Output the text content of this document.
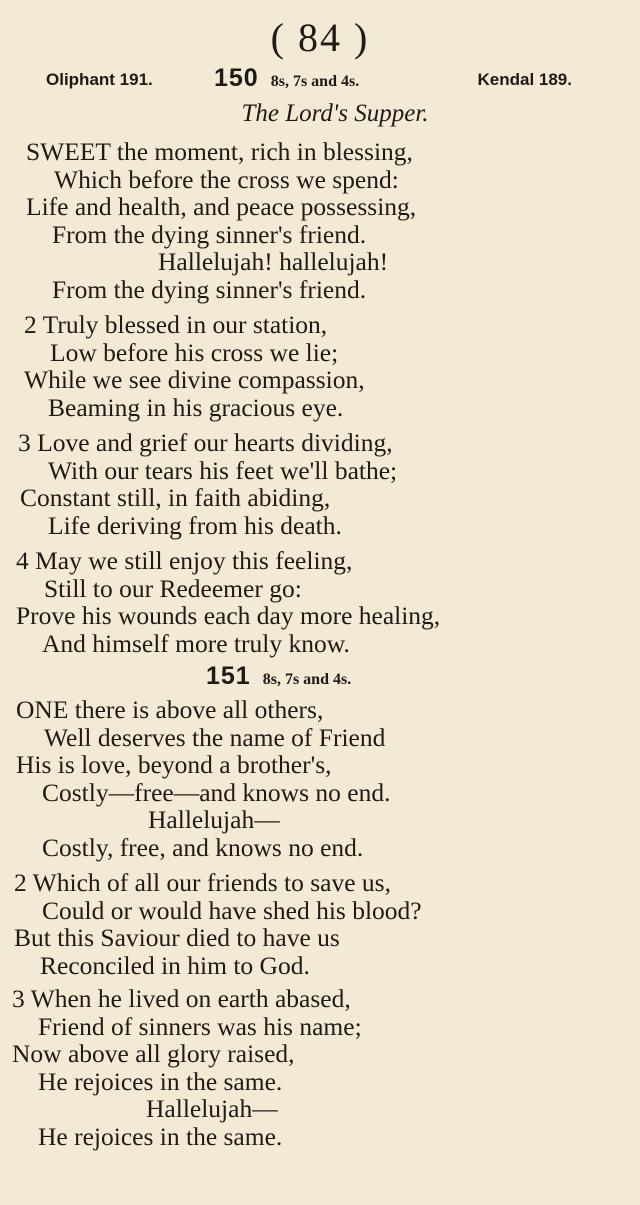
( 84 )
Oliphant 191. 150 8s, 7s and 4s.	Kendal 189.
The Lord's Supper.
SWEET the moment, rich in blessing,
Which before the cross we spend:
Life and health, and peace possessing,
From the dying sinner's friend.
Hallelujah! hallelujah!
From the dying sinner's friend.
2 Truly blessed in our station,
Low before his cross we lie;
While we see divine compassion,
Beaming in his gracious eye.
3 Love and grief our hearts dividing,
With our tears his feet we'll bathe;
Constant still, in faith abiding,
Life deriving from his death.
4 May we still enjoy this feeling,
Still to our Redeemer go:
Prove his wounds each day more healing,
And himself more truly know.
151 8s, 7s and 4s.
ONE there is above all others,
Well deserves the name of Friend
His is love, beyond a brother's,
Costly—free—and knows no end.
Hallelujah—
Costly, free, and knows no end.
2 Which of all our friends to save us,
Could or would have shed his blood?
But this Saviour died to have us
Reconciled in him to God.
3 When he lived on earth abased,
Friend of sinners was his name;
Now above all glory raised,
He rejoices in the same.
Hallelujah—
He rejoices in the same.
